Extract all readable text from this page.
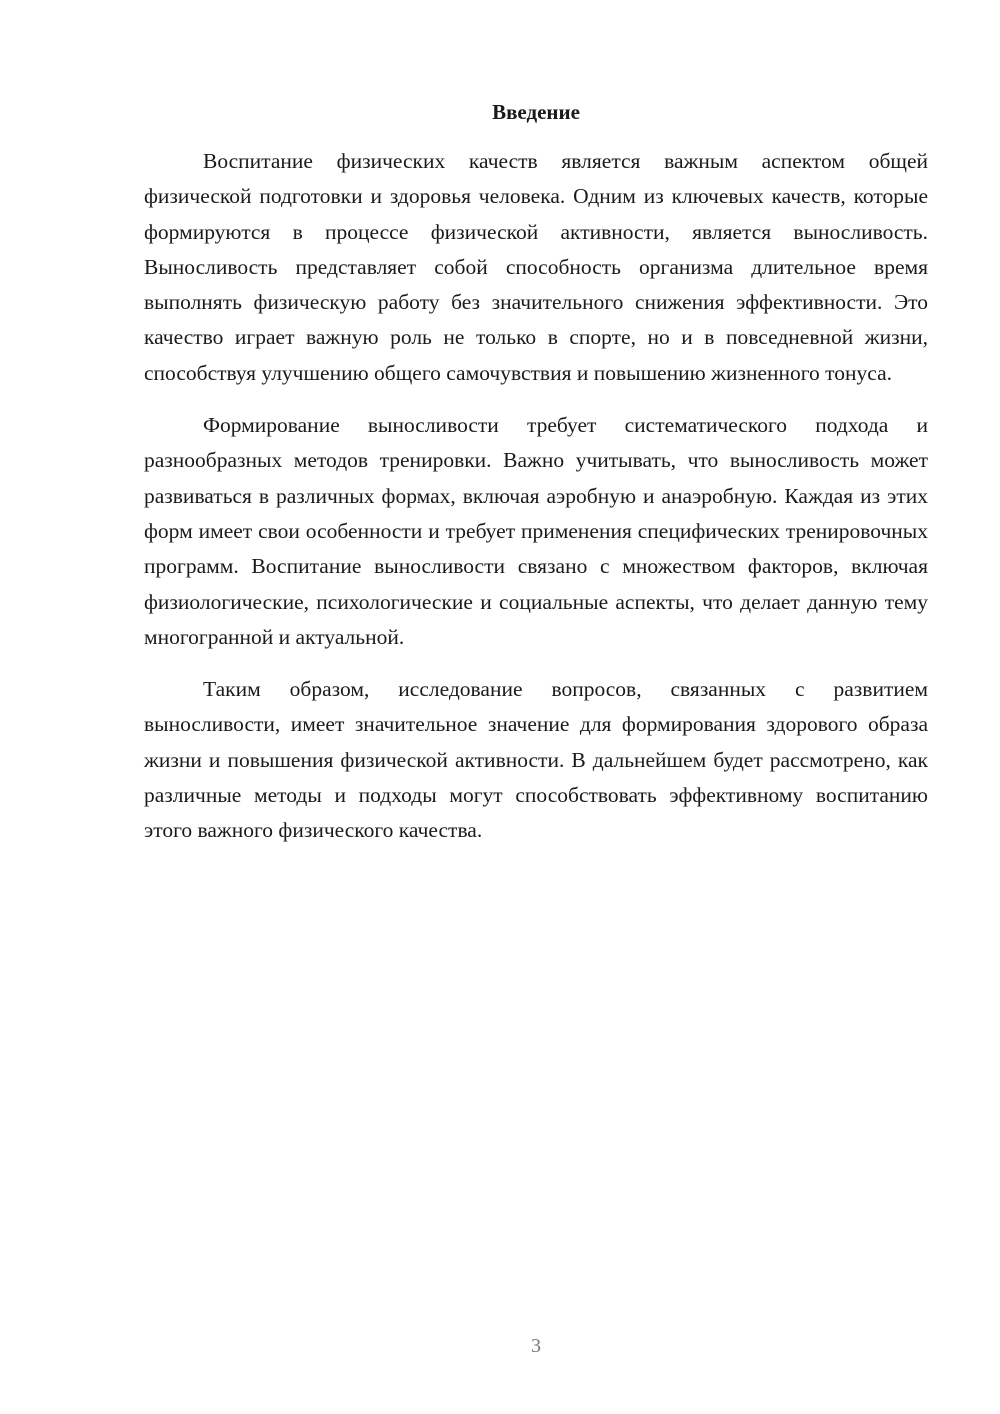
Введение

Воспитание физических качеств является важным аспектом общей физической подготовки и здоровья человека. Одним из ключевых качеств, которые формируются в процессе физической активности, является выносливость. Выносливость представляет собой способность организма длительное время выполнять физическую работу без значительного снижения эффективности. Это качество играет важную роль не только в спорте, но и в повседневной жизни, способствуя улучшению общего самочувствия и повышению жизненного тонуса.

Формирование выносливости требует систематического подхода и разнообразных методов тренировки. Важно учитывать, что выносливость может развиваться в различных формах, включая аэробную и анаэробную. Каждая из этих форм имеет свои особенности и требует применения специфических тренировочных программ. Воспитание выносливости связано с множеством факторов, включая физиологические, психологические и социальные аспекты, что делает данную тему многогранной и актуальной.

Таким образом, исследование вопросов, связанных с развитием выносливости, имеет значительное значение для формирования здорового образа жизни и повышения физической активности. В дальнейшем будет рассмотрено, как различные методы и подходы могут способствовать эффективному воспитанию этого важного физического качества.

3
